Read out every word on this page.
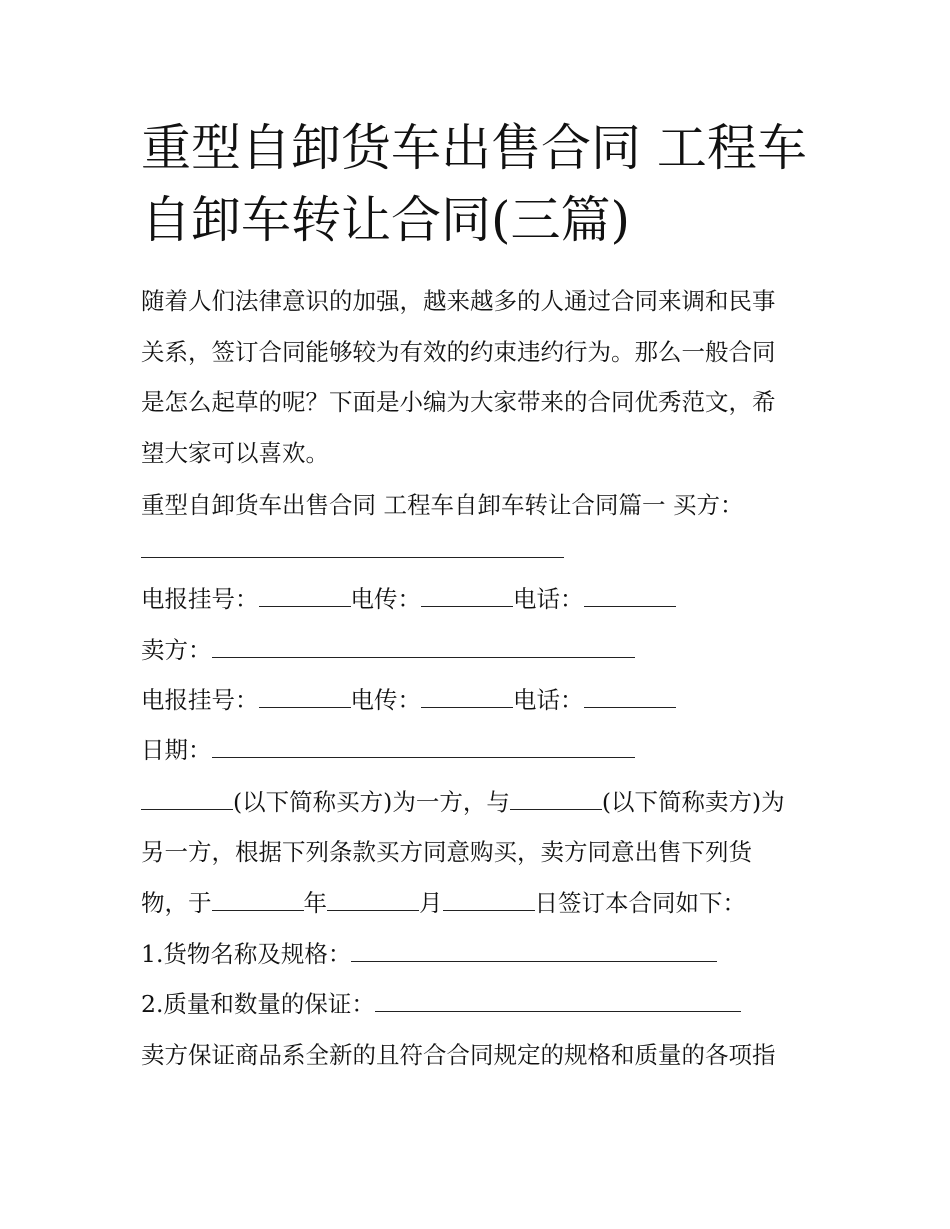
重型自卸货车出售合同 工程车
自卸车转让合同(三篇)

随着人们法律意识的加强，越来越多的人通过合同来调和民事
关系，签订合同能够较为有效的约束违约行为。那么一般合同
是怎么起草的呢？下面是小编为大家带来的合同优秀范文，希
望大家可以喜欢。

重型自卸货车出售合同 工程车自卸车转让合同篇一 买方：
电报挂号：	电传：	电话：
卖方：
电报挂号：	电传：	电话：
日期：
(以下简称买方)为一方，与	(以下简称卖方)为
另一方，根据下列条款买方同意购买，卖方同意出售下列货
物，于	年	月	日签订本合同如下：
1.货物名称及规格：
2.质量和数量的保证：
卖方保证商品系全新的且符合合同规定的规格和质量的各项指
